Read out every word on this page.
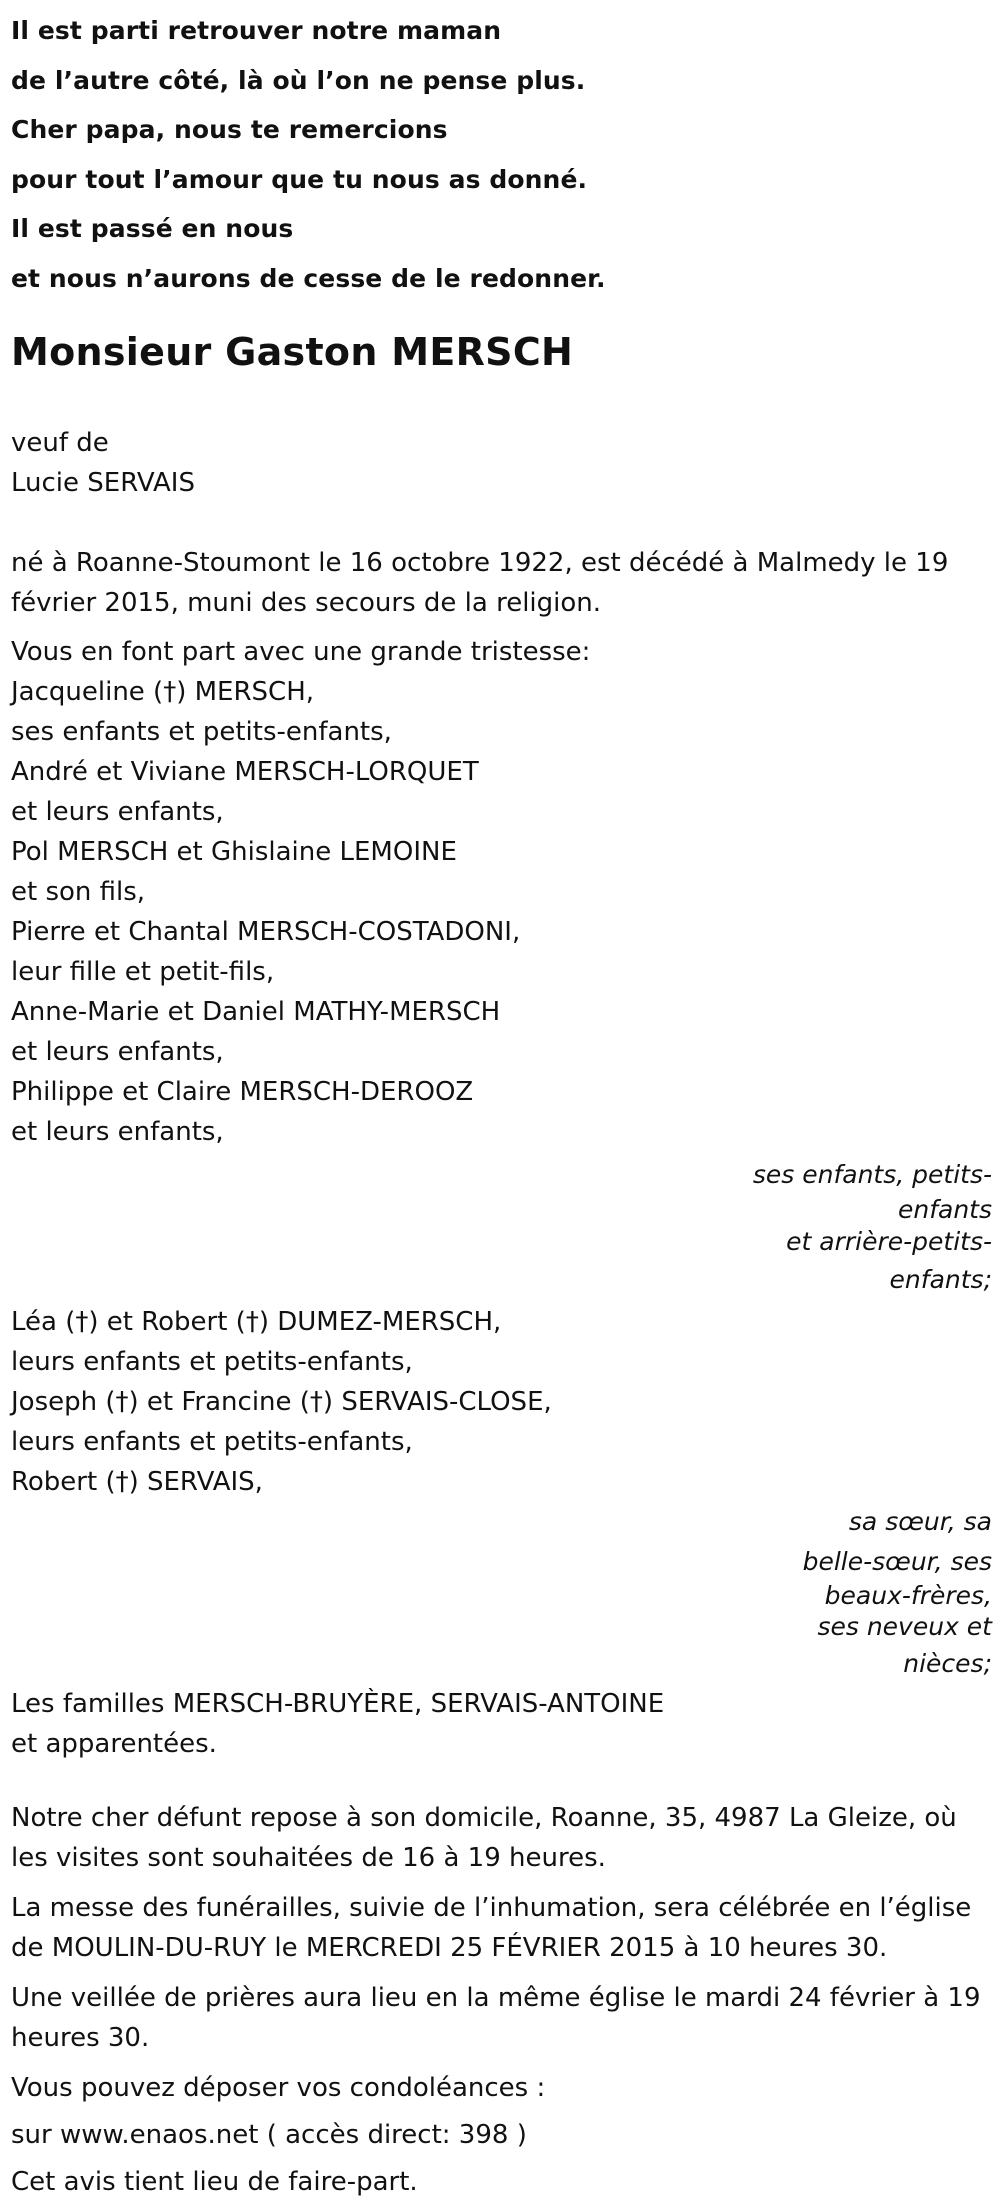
Il est parti retrouver notre maman

de l’autre côté, là où l’on ne pense plus.

Cher papa, nous te remercions

pour tout l’amour que tu nous as donné.

Il est passé en nous

et nous n’aurons de cesse de le redonner.

Monsieur Gaston MERSCH

veuf de

Lucie SERVAIS

né à Roanne-Stoumont le 16 octobre 1922, est décédé à Malmedy le 19

février 2015, muni des secours de la religion.

Vous en font part avec une grande tristesse:

Jacqueline (†) MERSCH,

ses enfants et petits-enfants,

André et Viviane MERSCH-LORQUET

et leurs enfants,

Pol MERSCH et Ghislaine LEMOINE

et son fils,

Pierre et Chantal MERSCH-COSTADONI,

leur fille et petit-fils,

Anne-Marie et Daniel MATHY-MERSCH

et leurs enfants,

Philippe et Claire MERSCH-DEROOZ

et leurs enfants,

ses enfants, petits-

enfants

et arrière-petits-

enfants;

Léa (†) et Robert (†) DUMEZ-MERSCH,

leurs enfants et petits-enfants,

Joseph (†) et Francine (†) SERVAIS-CLOSE,

leurs enfants et petits-enfants,

Robert (†) SERVAIS,

sa sœur, sa

belle-sœur, ses

beaux-frères,

ses neveux et

nièces;

Les familles MERSCH-BRUYÈRE, SERVAIS-ANTOINE

et apparentées.

Notre cher défunt repose à son domicile, Roanne, 35, 4987 La Gleize, où

les visites sont souhaitées de 16 à 19 heures.

La messe des funérailles, suivie de l’inhumation, sera célébrée en l’église

de MOULIN-DU-RUY le MERCREDI 25 FÉVRIER 2015 à 10 heures 30.

Une veillée de prières aura lieu en la même église le mardi 24 février à 19

heures 30.

Vous pouvez déposer vos condoléances :

sur www.enaos.net ( accès direct: 398 )

Cet avis tient lieu de faire-part.
